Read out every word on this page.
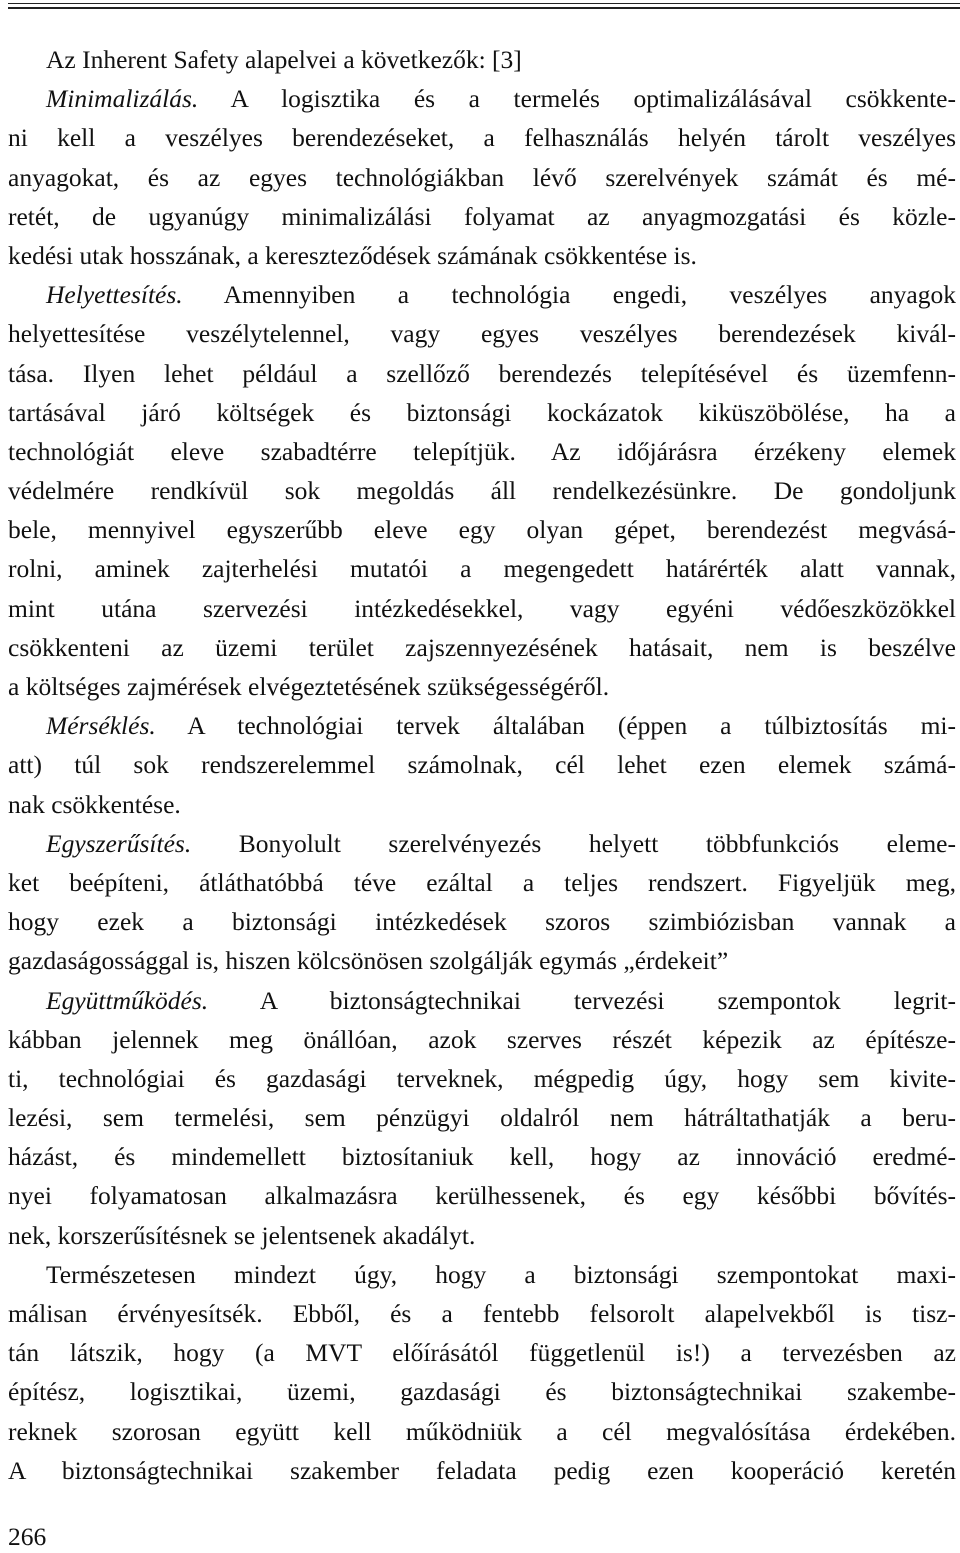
Az Inherent Safety alapelvei a következők: [3]
Minimalizálás. A logisztika és a termelés optimalizálásával csökkente-
ni kell a veszélyes berendezéseket, a felhasználás helyén tárolt veszélyes
anyagokat, és az egyes technológiákban lévő szerelvények számát és mé-
retét, de ugyanúgy minimalizálási folyamat az anyagmozgatási és közle-
kedési utak hosszának, a kereszteződések számának csökkentése is.
Helyettesítés. Amennyiben a technológia engedi, veszélyes anyagok
helyettesítése veszélytelennel, vagy egyes veszélyes berendezések kivál-
tása. Ilyen lehet például a szellőző berendezés telepítésével és üzemfenn-
tartásával járó költségek és biztonsági kockázatok kiküszöbölése, ha a
technológiát eleve szabadtérre telepítjük. Az időjárásra érzékeny elemek
védelmére rendkívül sok megoldás áll rendelkezésünkre. De gondoljunk
bele, mennyivel egyszerűbb eleve egy olyan gépet, berendezést megvásá-
rolni, aminek zajterhelési mutatói a megengedett határérték alatt vannak,
mint utána szervezési intézkedésekkel, vagy egyéni védőeszközökkel
csökkenteni az üzemi terület zajszennyezésének hatásait, nem is beszélve
a költséges zajmérések elvégeztetésének szükségességéről.
Mérséklés. A technológiai tervek általában (éppen a túlbiztosítás mi-
att) túl sok rendszerelemmel számolnak, cél lehet ezen elemek számá-
nak csökkentése.
Egyszerűsítés. Bonyolult szerelvényezés helyett többfunkciós eleme-
ket beépíteni, átláthatóbbá téve ezáltal a teljes rendszert. Figyeljük meg,
hogy ezek a biztonsági intézkedések szoros szimbiózisban vannak a
gazdaságossággal is, hiszen kölcsönösen szolgálják egymás „érdekeit”
Együttműködés. A biztonságtechnikai tervezési szempontok legrit-
kábban jelennek meg önállóan, azok szerves részét képezik az építésze-
ti, technológiai és gazdasági terveknek, mégpedig úgy, hogy sem kivite-
lezési, sem termelési, sem pénzügyi oldalról nem hátráltathatják a beru-
házást, és mindemellett biztosítaniuk kell, hogy az innováció eredmé-
nyei folyamatosan alkalmazásra kerülhessenek, és egy későbbi bővítés-
nek, korszerűsítésnek se jelentsenek akadályt.
Természetesen mindezt úgy, hogy a biztonsági szempontokat maxi-
málisan érvényesítsék. Ebből, és a fentebb felsorolt alapelvekből is tisz-
tán látszik, hogy (a MVT előírásától függetlenül is!) a tervezésben az
építész, logisztikai, üzemi, gazdasági és biztonságtechnikai szakembe-
reknek szorosan együtt kell működniük a cél megvalósítása érdekében.
A biztonságtechnikai szakember feladata pedig ezen kooperáció keretén
266
